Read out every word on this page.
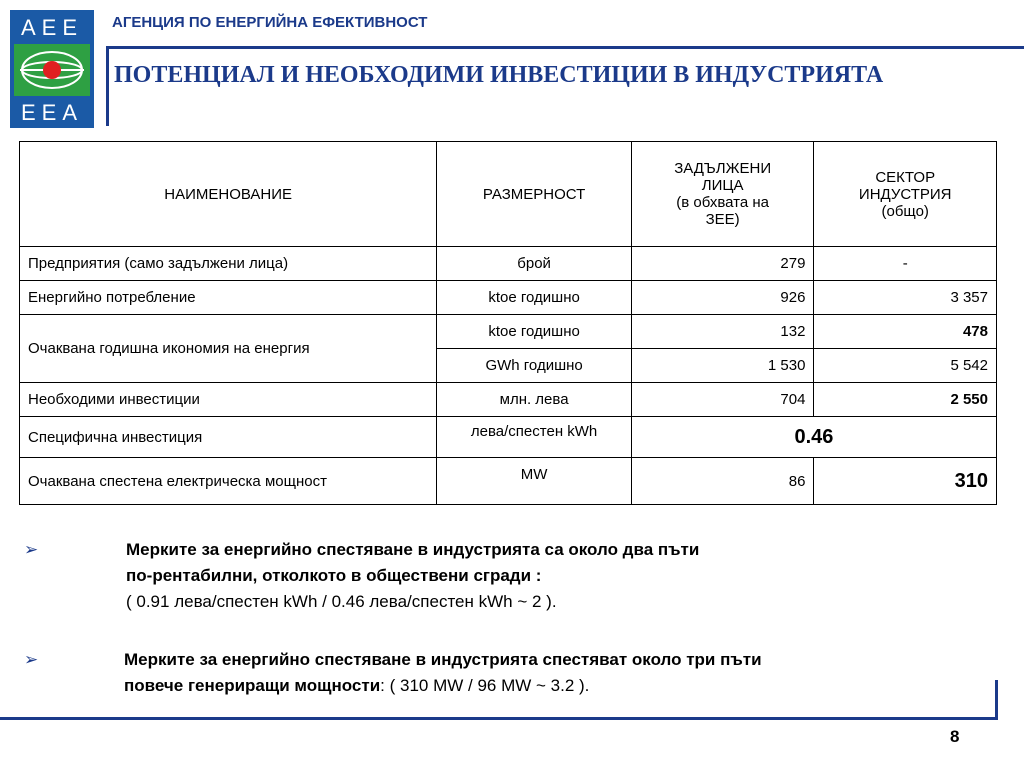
AEE
EEA
АГЕНЦИЯ ПО ЕНЕРГИЙНА ЕФЕКТИВНОСТ
ПОТЕНЦИАЛ И НЕОБХОДИМИ ИНВЕСТИЦИИ В ИНДУСТРИЯТА
НАИМЕНОВАНИЕ	РАЗМЕРНОСТ	ЗАДЪЛЖЕНИ
ЛИЦА
(в обхвата на
ЗЕЕ)	СЕКТОР
ИНДУСТРИЯ
(общо)
Предприятия (само задължени лица)	брой	279	-
Енергийно потребление	ktoe годишно	926	3 357
Очаквана годишна икономия на енергия	ktoe годишно	132	478
	GWh годишно	1 530	5 542
Необходими инвестиции	млн. лева	704	2 550
Специфична инвестиция	лева/спестен kWh	0.46	
Очаквана спестена електрическа мощност	MW	86	310
➢	Мерките за енергийно спестяване в индустрията са около два пъти
по-рентабилни, отколкото в обществени сгради :
( 0.91 лева/спестен kWh / 0.46 лева/спестен kWh ~ 2 ).
➢	Мерките за енергийно спестяване в индустрията спестяват около три пъти
повече генериращи мощности: ( 310 MW / 96 MW ~ 3.2 ).
8
